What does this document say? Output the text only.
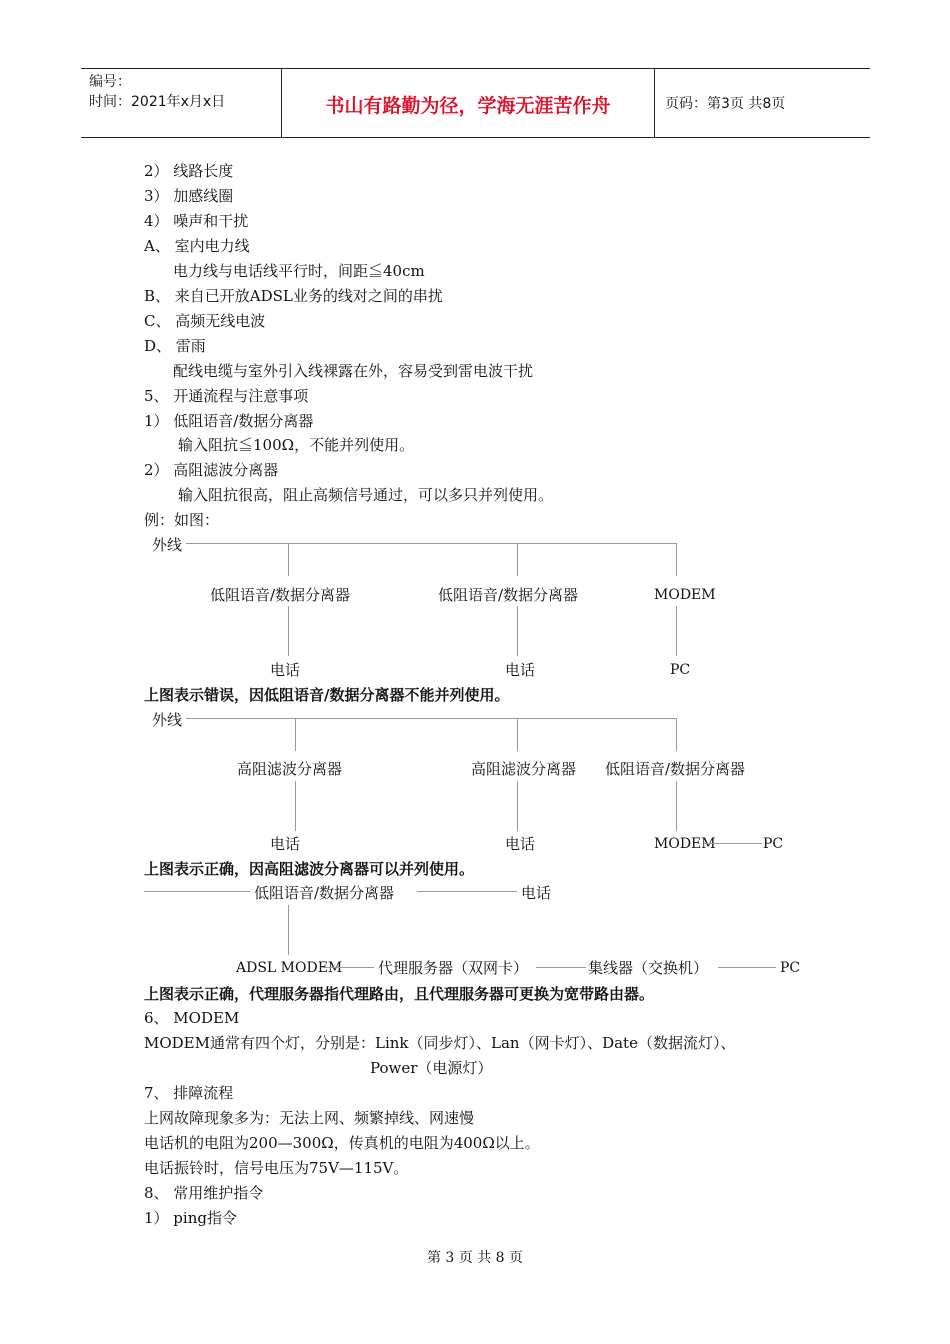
编号：
时间：2021年x月x日	书山有路勤为径，学海无涯苦作舟	页码：第3页 共8页
2） 线路长度
3） 加感线圈
4） 噪声和干扰
A、 室内电力线
电力线与电话线平行时，间距≦40cm
B、 来自已开放ADSL业务的线对之间的串扰
C、 高频无线电波
D、 雷雨
配线电缆与室外引入线裸露在外，容易受到雷电波干扰
5、 开通流程与注意事项
1） 低阻语音/数据分离器
输入阻抗≦100Ω，不能并列使用。
2） 高阻滤波分离器
输入阻抗很高，阻止高频信号通过，可以多只并列使用。
例：如图：
外线
低阻语音/数据分离器	低阻语音/数据分离器	MODEM
电话	电话	PC
上图表示错误，因低阻语音/数据分离器不能并列使用。
外线
高阻滤波分离器	高阻滤波分离器 低阻语音/数据分离器
电话	电话	MODEM	PC
上图表示正确，因高阻滤波分离器可以并列使用。
低阻语音/数据分离器	电话
ADSL MODEM 代理服务器（双网卡）	集线器（交换机）	PC
上图表示正确，代理服务器指代理路由，且代理服务器可更换为宽带路由器。
6、 MODEM
MODEM通常有四个灯，分别是：Link（同步灯）、Lan（网卡灯）、Date（数据流灯）、
Power（电源灯）
7、 排障流程
上网故障现象多为：无法上网、频繁掉线、网速慢
电话机的电阻为200—300Ω，传真机的电阻为400Ω以上。
电话振铃时，信号电压为75V—115V。
8、 常用维护指令
1） ping指令
第 3 页 共 8 页
